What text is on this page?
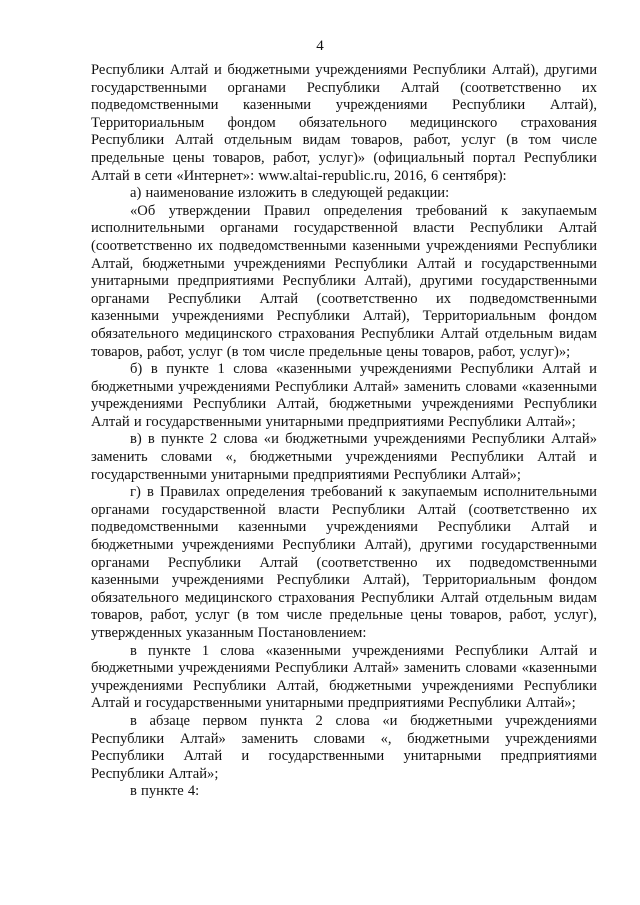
4

Республики Алтай и бюджетными учреждениями Республики Алтай), другими государственными органами Республики Алтай (соответственно их подведомственными казенными учреждениями Республики Алтай), Территориальным фондом обязательного медицинского страхования Республики Алтай отдельным видам товаров, работ, услуг (в том числе предельные цены товаров, работ, услуг)» (официальный портал Республики Алтай в сети «Интернет»: www.altai-republic.ru, 2016, 6 сентября):

а) наименование изложить в следующей редакции:

«Об утверждении Правил определения требований к закупаемым исполнительными органами государственной власти Республики Алтай (соответственно их подведомственными казенными учреждениями Республики Алтай, бюджетными учреждениями Республики Алтай и государственными унитарными предприятиями Республики Алтай), другими государственными органами Республики Алтай (соответственно их подведомственными казенными учреждениями Республики Алтай), Территориальным фондом обязательного медицинского страхования Республики Алтай отдельным видам товаров, работ, услуг (в том числе предельные цены товаров, работ, услуг)»;

б) в пункте 1 слова «казенными учреждениями Республики Алтай и бюджетными учреждениями Республики Алтай» заменить словами «казенными учреждениями Республики Алтай, бюджетными учреждениями Республики Алтай и государственными унитарными предприятиями Республики Алтай»;

в) в пункте 2 слова «и бюджетными учреждениями Республики Алтай» заменить словами «, бюджетными учреждениями Республики Алтай и государственными унитарными предприятиями Республики Алтай»;

г) в Правилах определения требований к закупаемым исполнительными органами государственной власти Республики Алтай (соответственно их подведомственными казенными учреждениями Республики Алтай и бюджетными учреждениями Республики Алтай), другими государственными органами Республики Алтай (соответственно их подведомственными казенными учреждениями Республики Алтай), Территориальным фондом обязательного медицинского страхования Республики Алтай отдельным видам товаров, работ, услуг (в том числе предельные цены товаров, работ, услуг), утвержденных указанным Постановлением:

в пункте 1 слова «казенными учреждениями Республики Алтай и бюджетными учреждениями Республики Алтай» заменить словами «казенными учреждениями Республики Алтай, бюджетными учреждениями Республики Алтай и государственными унитарными предприятиями Республики Алтай»;

в абзаце первом пункта 2 слова «и бюджетными учреждениями Республики Алтай» заменить словами «, бюджетными учреждениями Республики Алтай и государственными унитарными предприятиями Республики Алтай»;

в пункте 4:
